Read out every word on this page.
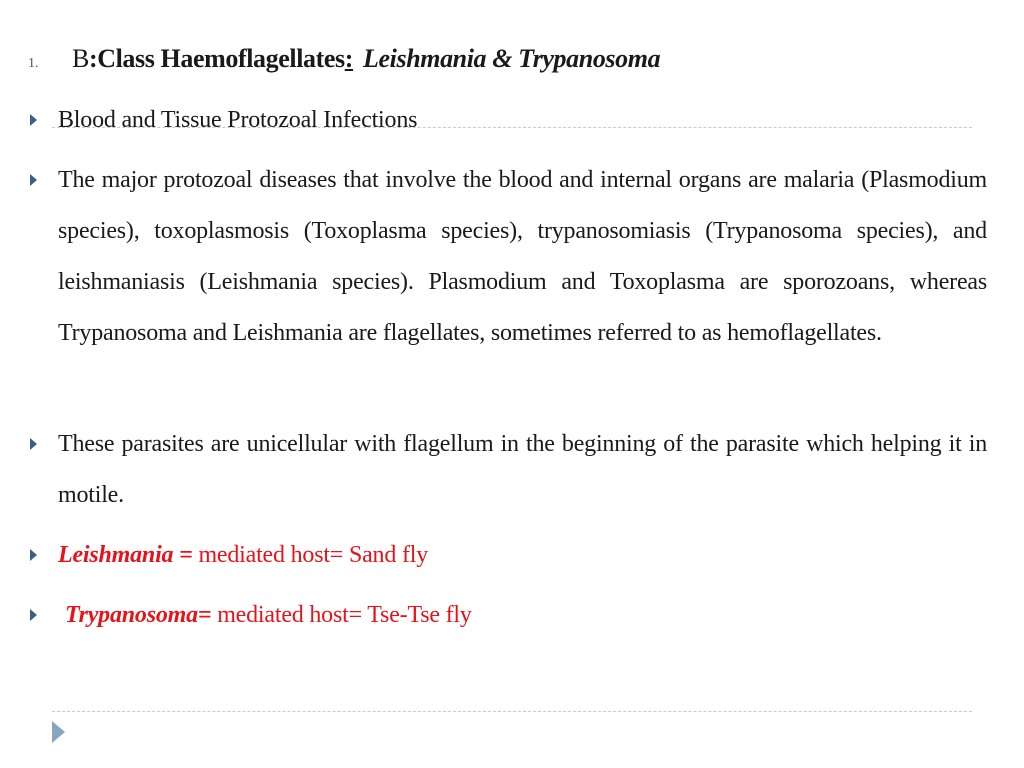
1. B:Class Haemoflagellates: Leishmania & Trypanosoma
Blood and Tissue Protozoal Infections
The major protozoal diseases that involve the blood and internal organs are malaria (Plasmodium species), toxoplasmosis (Toxoplasma species), trypanosomiasis (Trypanosoma species), and leishmaniasis (Leishmania species). Plasmodium and Toxoplasma are sporozoans, whereas Trypanosoma and Leishmania are flagellates, sometimes referred to as hemoflagellates.
These parasites are unicellular with flagellum in the beginning of the parasite which helping it in motile.
Leishmania = mediated host= Sand fly
Trypanosoma= mediated host= Tse-Tse fly
